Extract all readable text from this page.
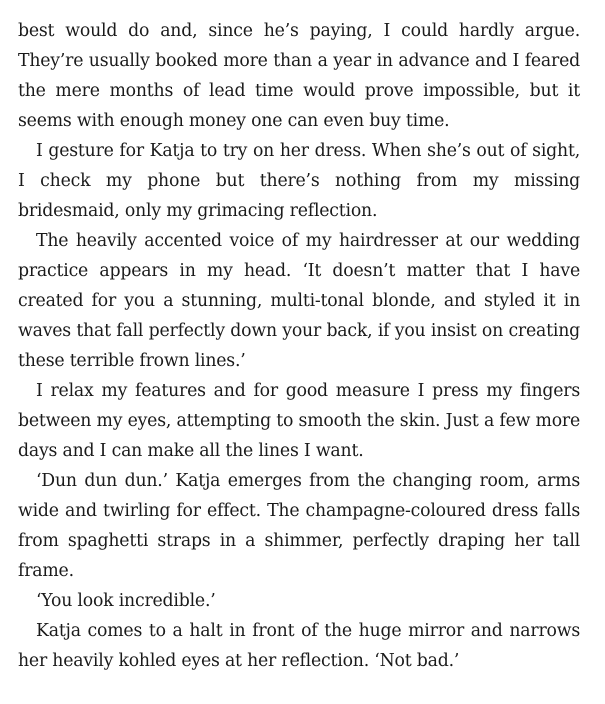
best would do and, since he’s paying, I could hardly argue. They’re usually booked more than a year in advance and I feared the mere months of lead time would prove impossible, but it seems with enough money one can even buy time.

I gesture for Katja to try on her dress. When she’s out of sight, I check my phone but there’s nothing from my missing bridesmaid, only my grimacing reflection.

The heavily accented voice of my hairdresser at our wedding practice appears in my head. ‘It doesn’t matter that I have created for you a stunning, multi-tonal blonde, and styled it in waves that fall perfectly down your back, if you insist on creating these terrible frown lines.’

I relax my features and for good measure I press my fingers between my eyes, attempting to smooth the skin. Just a few more days and I can make all the lines I want.

‘Dun dun dun.’ Katja emerges from the changing room, arms wide and twirling for effect. The champagne-coloured dress falls from spaghetti straps in a shimmer, perfectly draping her tall frame.

‘You look incredible.’

Katja comes to a halt in front of the huge mirror and narrows her heavily kohled eyes at her reflection. ‘Not bad.’
